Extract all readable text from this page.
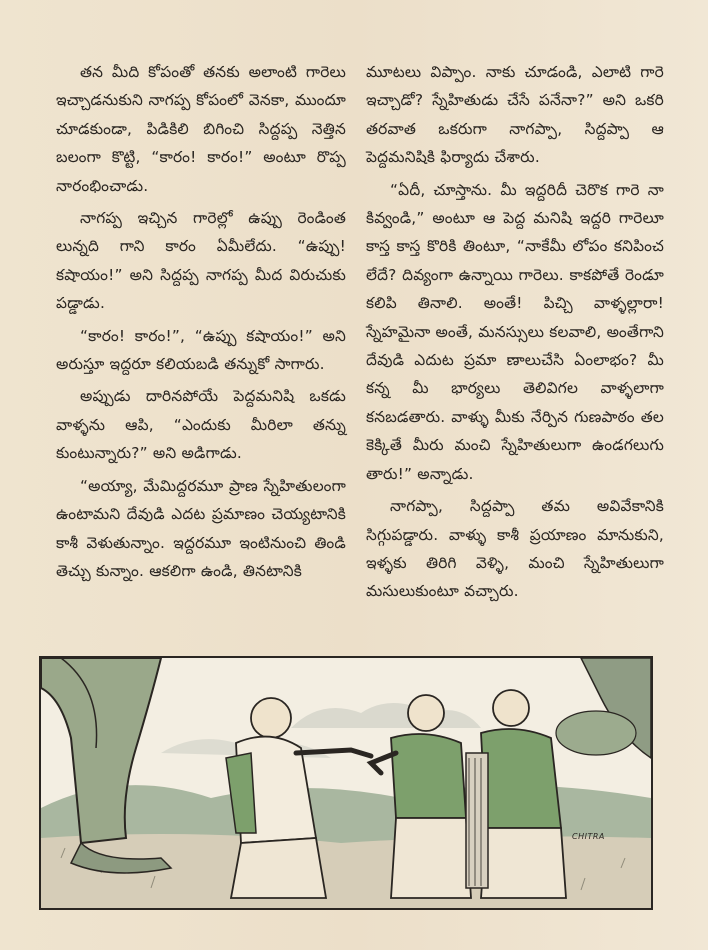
తన మీది కోపంతో తనకు అలాంటి గారెలు ఇచ్చాడనుకుని నాగప్ప కోపంలో వెనకా, ముందూ చూడకుండా, పిడికిలి బిగించి సిద్దప్ప నెత్తిన బలంగా కొట్టి, “కారం! కారం!” అంటూ రొప్ప నారంభించాడు.

నాగప్ప ఇచ్చిన గారెల్లో ఉప్పు రెండింత లున్నది గాని కారం ఏమీలేదు. “ఉప్పు! కషాయం!” అని సిద్దప్ప నాగప్ప మీద విరుచుకు పడ్డాడు.

“కారం! కారం!”, “ఉప్పు కషాయం!” అని అరుస్తూ ఇద్దరూ కలియబడి తన్నుకో సాగారు.

అప్పుడు దారినపోయే పెద్దమనిషి ఒకడు వాళ్ళను ఆపి, “ఎందుకు మీరిలా తన్ను కుంటున్నారు?” అని అడిగాడు.

“అయ్యా, మేమిద్దరమూ ప్రాణ స్నేహితులంగా ఉంటామని దేవుడి ఎదట ప్రమాణం చెయ్యటానికి కాశీ వెళుతున్నాం. ఇద్దరమూ ఇంటినుంచి తిండి తెచ్చు కున్నాం. ఆకలిగా ఉండి, తినటానికి

మూటలు విప్పాం. నాకు చూడండి, ఎలాటి గారె ఇచ్చాడో? స్నేహితుడు చేసే పనేనా?” అని ఒకరి తరవాత ఒకరుగా నాగప్పా, సిద్దప్పా ఆ పెద్దమనిషికి ఫిర్యాదు చేశారు.

“ఏదీ, చూస్తాను. మీ ఇద్దరిదీ చెరొక గారె నా కివ్వండి,” అంటూ ఆ పెద్ద మనిషి ఇద్దరి గారెలూ కాస్త కాస్త కొరికి తింటూ, “నాకేమీ లోపం కనిపించ లేదే? దివ్యంగా ఉన్నాయి గారెలు. కాకపోతే రెండూ కలిపి తినాలి. అంతే! పిచ్చి వాళ్ళల్లారా! స్నేహమైనా అంతే, మనస్సులు కలవాలి, అంతేగాని దేవుడి ఎదుట ప్రమా ణాలుచేసి ఏంలాభం? మీ కన్న మీ భార్యలు తెలివిగల వాళ్ళలాగా కనబడతారు. వాళ్ళు మీకు నేర్పిన గుణపాఠం తల కెక్కితే మీరు మంచి స్నేహితులుగా ఉండగలుగు తారు!” అన్నాడు.

నాగప్పా, సిద్దప్పా తమ అవివేకానికి సిగ్గుపడ్డారు. వాళ్ళు కాశీ ప్రయాణం మానుకుని, ఇళ్ళకు తిరిగి వెళ్ళి, మంచి స్నేహితులుగా మసులుకుంటూ వచ్చారు.

CHITRA
